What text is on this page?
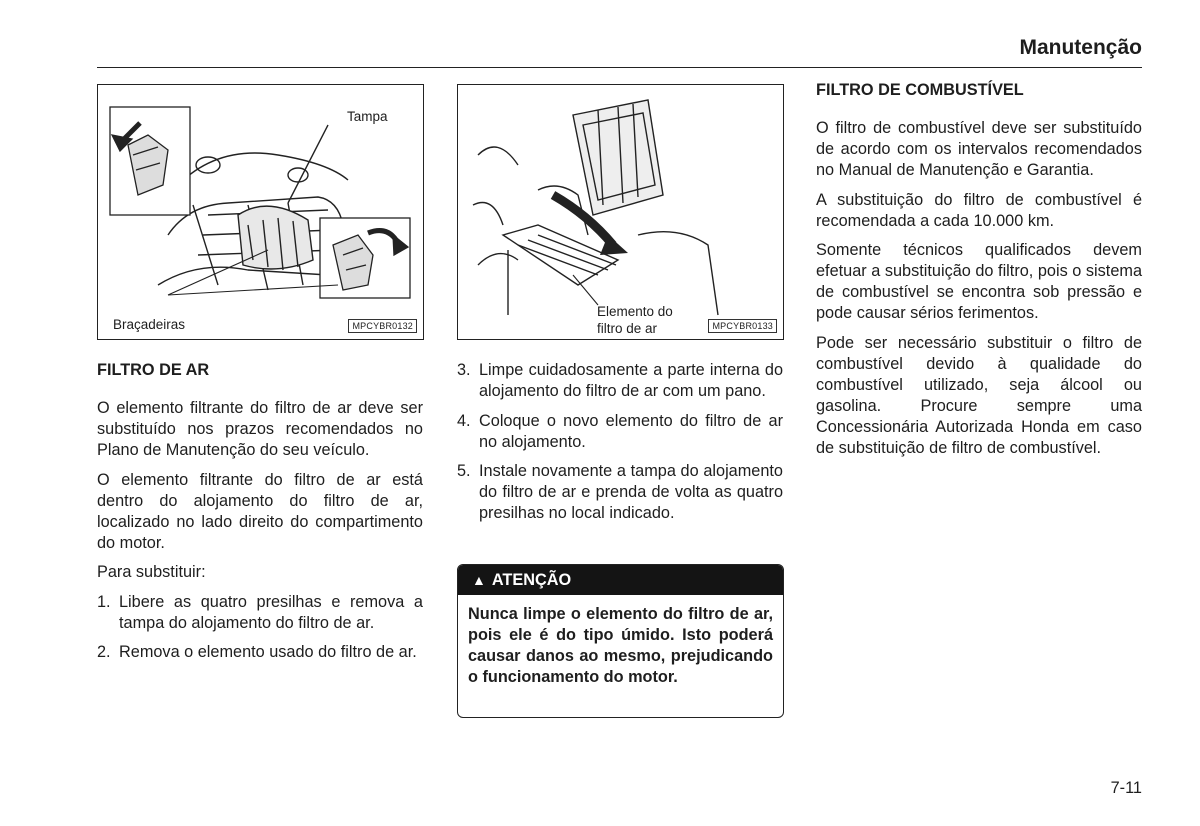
Manutenção
Tampa
Braçadeiras	MPCYBR0132
Elemento do
filtro de ar	MPCYBR0133

FILTRO DE AR

O elemento filtrante do filtro de ar deve ser substituído nos prazos recomendados no Plano de Manutenção do seu veículo.

O elemento filtrante do filtro de ar está dentro do alojamento do filtro de ar, localizado no lado direito do compartimento do motor.

Para substituir:

1. Libere as quatro presilhas e remova a tampa do alojamento do filtro de ar.
2. Remova o elemento usado do filtro de ar.
3. Limpe cuidadosamente a parte interna do alojamento do filtro de ar com um pano.
4. Coloque o novo elemento do filtro de ar no alojamento.
5. Instale novamente a tampa do alojamento do filtro de ar e prenda de volta as quatro presilhas no local indicado.
▲ ATENÇÃO
Nunca limpe o elemento do filtro de ar, pois ele é do tipo úmido. Isto poderá causar danos ao mesmo, prejudicando o funcionamento do motor.

FILTRO DE COMBUSTÍVEL

O filtro de combustível deve ser substituído de acordo com os intervalos recomendados no Manual de Manutenção e Garantia.

A substituição do filtro de combustível é recomendada a cada 10.000 km.

Somente técnicos qualificados devem efetuar a substituição do filtro, pois o sistema de combustível se encontra sob pressão e pode causar sérios ferimentos.

Pode ser necessário substituir o filtro de combustível devido à qualidade do combustível utilizado, seja álcool ou gasolina. Procure sempre uma Concessionária Autorizada Honda em caso de substituição de filtro de combustível.

7-11
